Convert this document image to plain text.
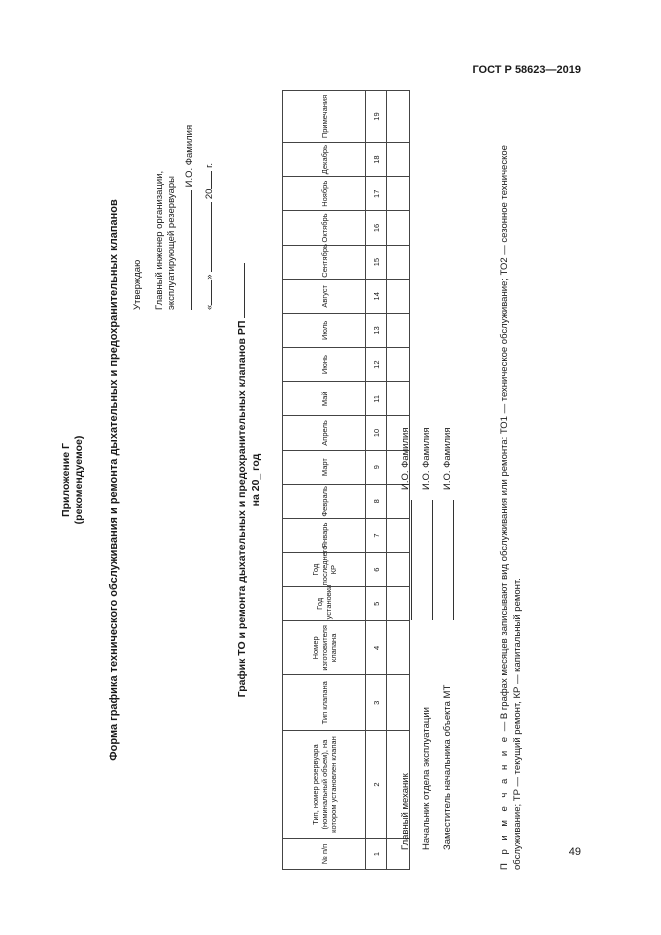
ГОСТ Р 58623—2019
49
Приложение Г (рекомендуемое) Форма графика технического обслуживания и ремонта дыхательных и предохранительных клапанов Утверждаю Главный инженер организации, эксплуатирующей резервуары
И.О. Фамилия
«»  20 г.
График ТО и ремонта дыхательных и предохранительных клапанов РП на 20_ год
№ п/п	Тип, номер резервуара (номинальный объем), на котором установлен клапан	Тип клапана	Номер изготовителя клапана	Год установки	Год последнего КР	Январь	Февраль	Март	Апрель	Май	Июнь	Июль	Август	Сентябрь	Октябрь	Ноябрь	Декабрь	Примечания
1	2	3	4	5	6	7	8	9	10	11	12	13	14	15	16	17	18	19

Главный механик
И.О. Фамилия
Начальник отдела эксплуатации
И.О. Фамилия
Заместитель начальника объекта МТ
И.О. Фамилия
П р и м е ч а н и е — В графах месяцев записывают вид обслуживания или ремонта: ТО1 — техническое обслуживание; ТО2 — сезонное техническое обслуживание; ТР — текущий ремонт, КР — капитальный ремонт.
